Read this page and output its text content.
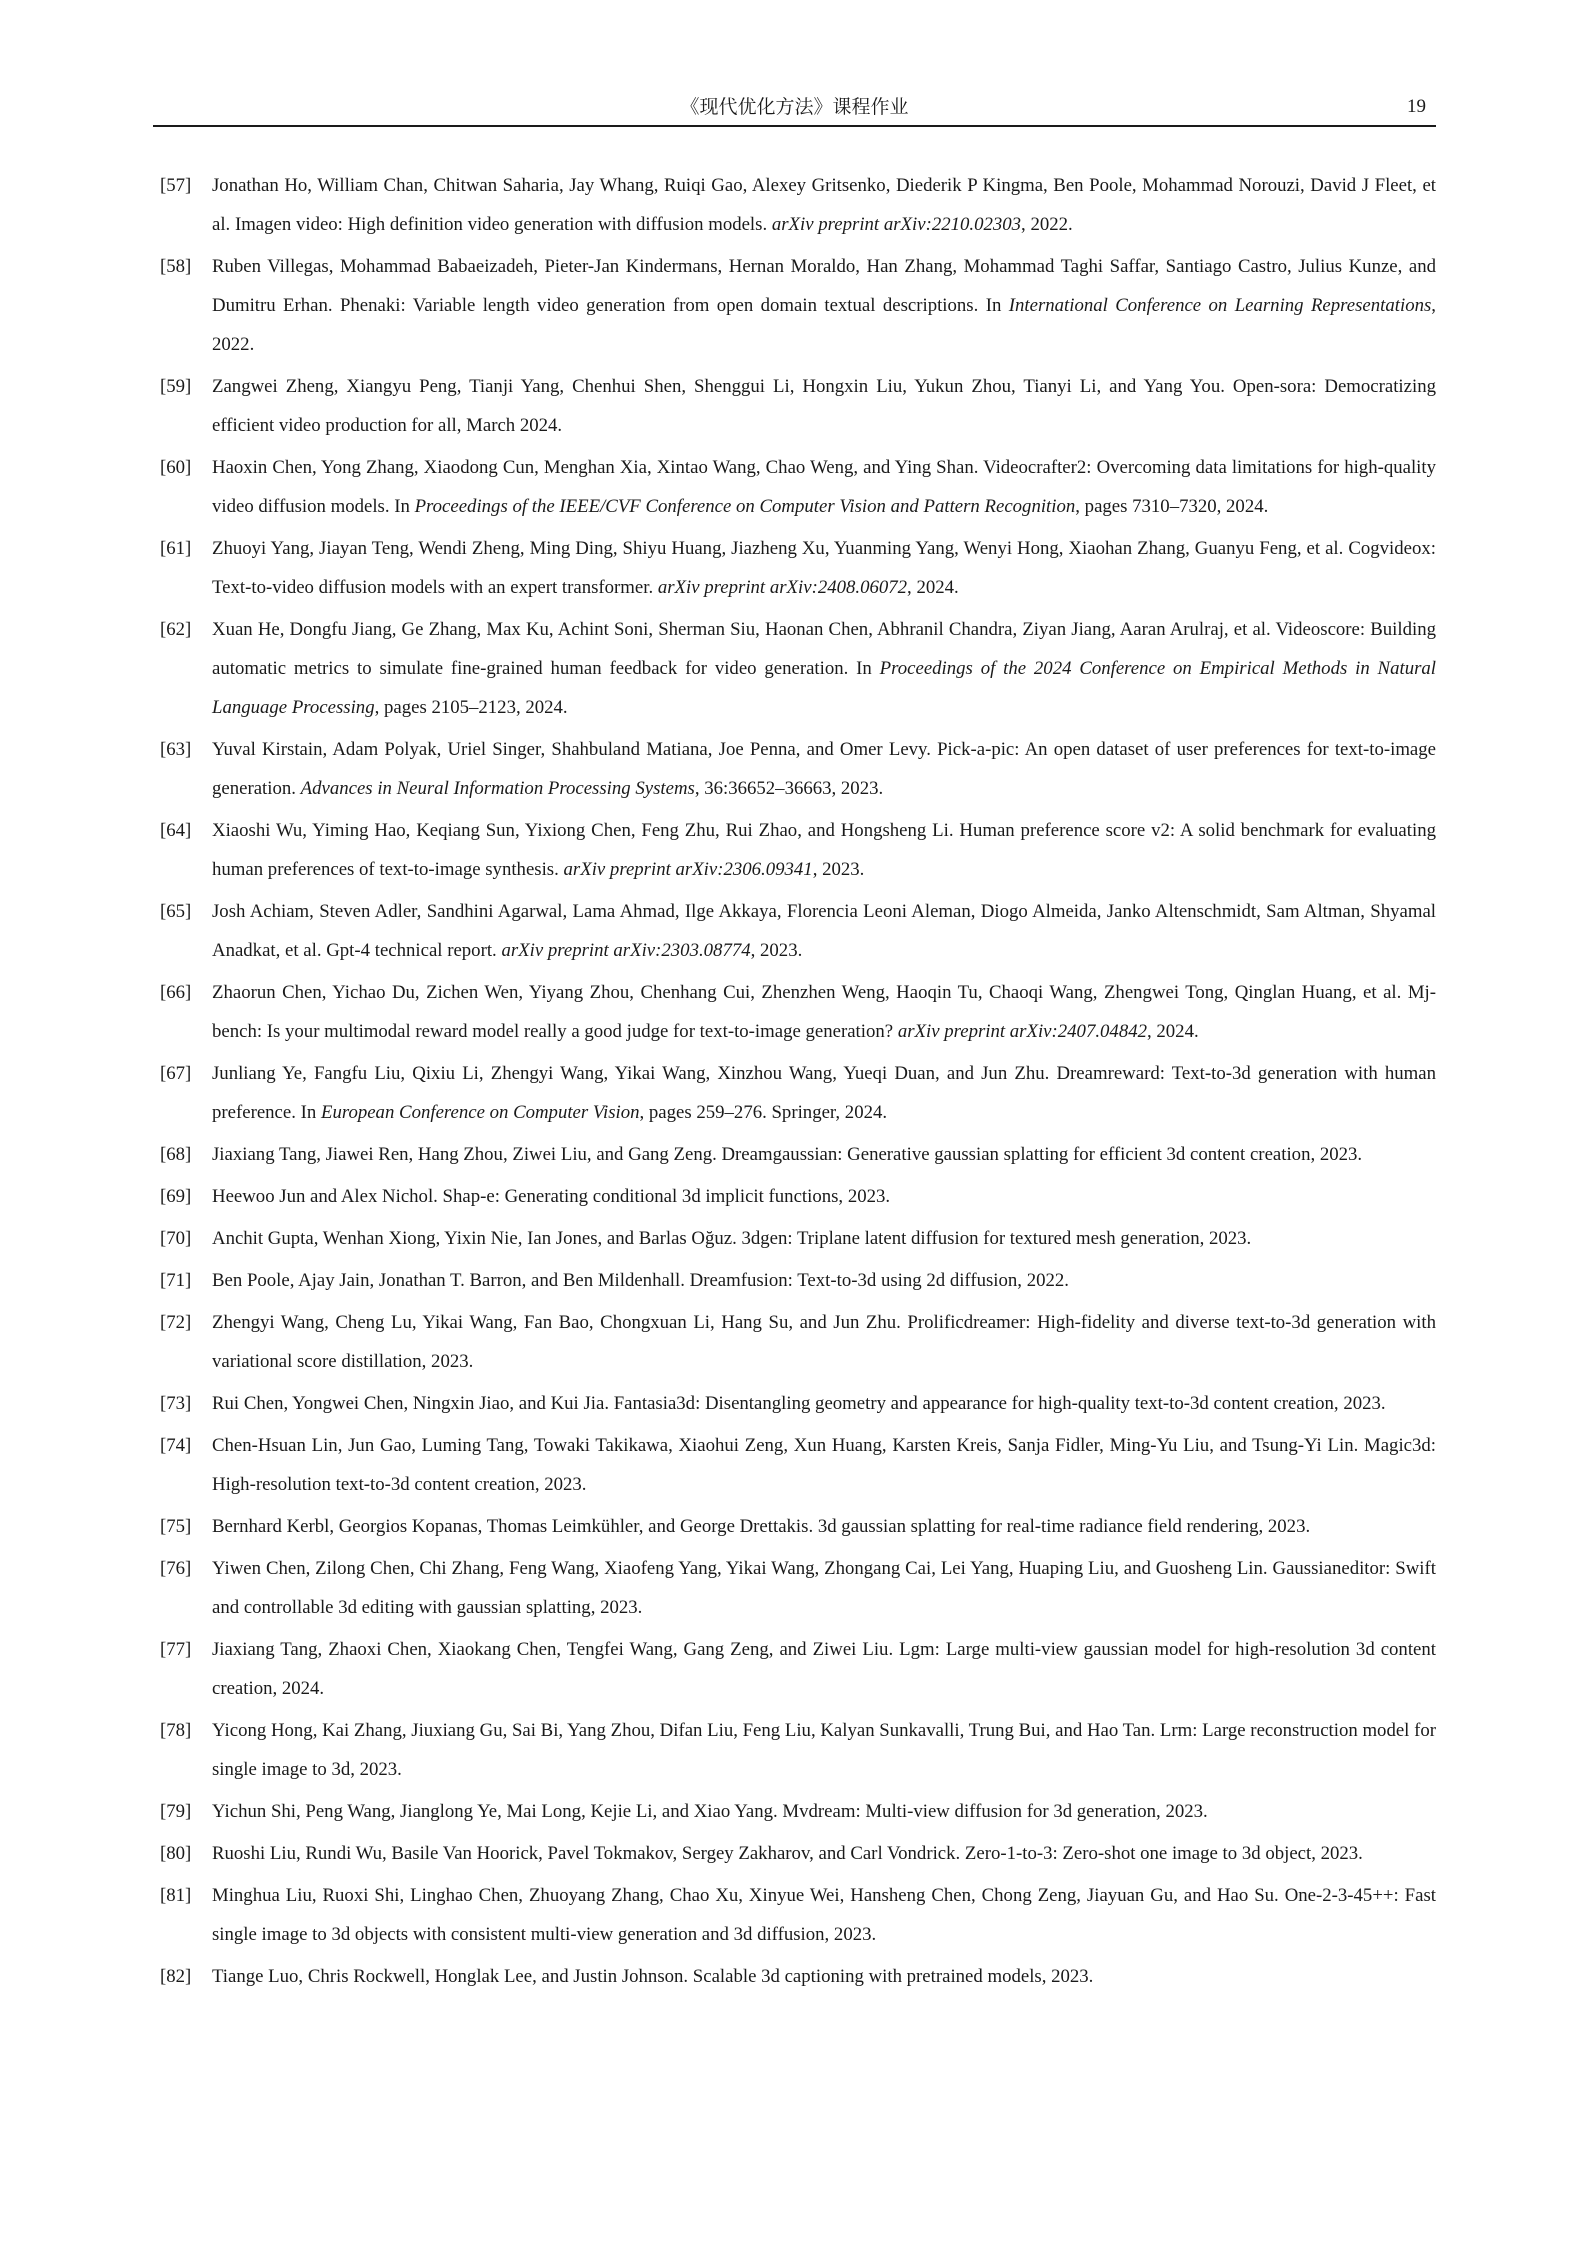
《现代优化方法》课程作业	19
[57]	Jonathan Ho, William Chan, Chitwan Saharia, Jay Whang, Ruiqi Gao, Alexey Gritsenko, Diederik P Kingma, Ben Poole, Mohammad Norouzi, David J Fleet, et al. Imagen video: High definition video generation with diffusion models. arXiv preprint arXiv:2210.02303, 2022.
[58]	Ruben Villegas, Mohammad Babaeizadeh, Pieter-Jan Kindermans, Hernan Moraldo, Han Zhang, Mohammad Taghi Saffar, Santiago Castro, Julius Kunze, and Dumitru Erhan. Phenaki: Variable length video generation from open domain textual descriptions. In International Conference on Learning Representations, 2022.
[59]	Zangwei Zheng, Xiangyu Peng, Tianji Yang, Chenhui Shen, Shenggui Li, Hongxin Liu, Yukun Zhou, Tianyi Li, and Yang You. Open-sora: Democratizing efficient video production for all, March 2024.
[60]	Haoxin Chen, Yong Zhang, Xiaodong Cun, Menghan Xia, Xintao Wang, Chao Weng, and Ying Shan. Videocrafter2: Overcoming data limitations for high-quality video diffusion models. In Proceedings of the IEEE/CVF Conference on Computer Vision and Pattern Recognition, pages 7310–7320, 2024.
[61]	Zhuoyi Yang, Jiayan Teng, Wendi Zheng, Ming Ding, Shiyu Huang, Jiazheng Xu, Yuanming Yang, Wenyi Hong, Xiaohan Zhang, Guanyu Feng, et al. Cogvideox: Text-to-video diffusion models with an expert transformer. arXiv preprint arXiv:2408.06072, 2024.
[62]	Xuan He, Dongfu Jiang, Ge Zhang, Max Ku, Achint Soni, Sherman Siu, Haonan Chen, Abhranil Chandra, Ziyan Jiang, Aaran Arulraj, et al. Videoscore: Building automatic metrics to simulate fine-grained human feedback for video generation. In Proceedings of the 2024 Conference on Empirical Methods in Natural Language Processing, pages 2105–2123, 2024.
[63]	Yuval Kirstain, Adam Polyak, Uriel Singer, Shahbuland Matiana, Joe Penna, and Omer Levy. Pick-a-pic: An open dataset of user preferences for text-to-image generation. Advances in Neural Information Processing Systems, 36:36652–36663, 2023.
[64]	Xiaoshi Wu, Yiming Hao, Keqiang Sun, Yixiong Chen, Feng Zhu, Rui Zhao, and Hongsheng Li. Human preference score v2: A solid benchmark for evaluating human preferences of text-to-image synthesis. arXiv preprint arXiv:2306.09341, 2023.
[65]	Josh Achiam, Steven Adler, Sandhini Agarwal, Lama Ahmad, Ilge Akkaya, Florencia Leoni Aleman, Diogo Almeida, Janko Altenschmidt, Sam Altman, Shyamal Anadkat, et al. Gpt-4 technical report. arXiv preprint arXiv:2303.08774, 2023.
[66]	Zhaorun Chen, Yichao Du, Zichen Wen, Yiyang Zhou, Chenhang Cui, Zhenzhen Weng, Haoqin Tu, Chaoqi Wang, Zhengwei Tong, Qinglan Huang, et al. Mj-bench: Is your multimodal reward model really a good judge for text-to-image generation? arXiv preprint arXiv:2407.04842, 2024.
[67]	Junliang Ye, Fangfu Liu, Qixiu Li, Zhengyi Wang, Yikai Wang, Xinzhou Wang, Yueqi Duan, and Jun Zhu. Dreamreward: Text-to-3d generation with human preference. In European Conference on Computer Vision, pages 259–276. Springer, 2024.
[68]	Jiaxiang Tang, Jiawei Ren, Hang Zhou, Ziwei Liu, and Gang Zeng. Dreamgaussian: Generative gaussian splatting for efficient 3d content creation, 2023.
[69]	Heewoo Jun and Alex Nichol. Shap-e: Generating conditional 3d implicit functions, 2023.
[70]	Anchit Gupta, Wenhan Xiong, Yixin Nie, Ian Jones, and Barlas Oğuz. 3dgen: Triplane latent diffusion for textured mesh generation, 2023.
[71]	Ben Poole, Ajay Jain, Jonathan T. Barron, and Ben Mildenhall. Dreamfusion: Text-to-3d using 2d diffusion, 2022.
[72]	Zhengyi Wang, Cheng Lu, Yikai Wang, Fan Bao, Chongxuan Li, Hang Su, and Jun Zhu. Prolificdreamer: High-fidelity and diverse text-to-3d generation with variational score distillation, 2023.
[73]	Rui Chen, Yongwei Chen, Ningxin Jiao, and Kui Jia. Fantasia3d: Disentangling geometry and appearance for high-quality text-to-3d content creation, 2023.
[74]	Chen-Hsuan Lin, Jun Gao, Luming Tang, Towaki Takikawa, Xiaohui Zeng, Xun Huang, Karsten Kreis, Sanja Fidler, Ming-Yu Liu, and Tsung-Yi Lin. Magic3d: High-resolution text-to-3d content creation, 2023.
[75]	Bernhard Kerbl, Georgios Kopanas, Thomas Leimkühler, and George Drettakis. 3d gaussian splatting for real-time radiance field rendering, 2023.
[76]	Yiwen Chen, Zilong Chen, Chi Zhang, Feng Wang, Xiaofeng Yang, Yikai Wang, Zhongang Cai, Lei Yang, Huaping Liu, and Guosheng Lin. Gaussianeditor: Swift and controllable 3d editing with gaussian splatting, 2023.
[77]	Jiaxiang Tang, Zhaoxi Chen, Xiaokang Chen, Tengfei Wang, Gang Zeng, and Ziwei Liu. Lgm: Large multi-view gaussian model for high-resolution 3d content creation, 2024.
[78]	Yicong Hong, Kai Zhang, Jiuxiang Gu, Sai Bi, Yang Zhou, Difan Liu, Feng Liu, Kalyan Sunkavalli, Trung Bui, and Hao Tan. Lrm: Large reconstruction model for single image to 3d, 2023.
[79]	Yichun Shi, Peng Wang, Jianglong Ye, Mai Long, Kejie Li, and Xiao Yang. Mvdream: Multi-view diffusion for 3d generation, 2023.
[80]	Ruoshi Liu, Rundi Wu, Basile Van Hoorick, Pavel Tokmakov, Sergey Zakharov, and Carl Vondrick. Zero-1-to-3: Zero-shot one image to 3d object, 2023.
[81]	Minghua Liu, Ruoxi Shi, Linghao Chen, Zhuoyang Zhang, Chao Xu, Xinyue Wei, Hansheng Chen, Chong Zeng, Jiayuan Gu, and Hao Su. One-2-3-45++: Fast single image to 3d objects with consistent multi-view generation and 3d diffusion, 2023.
[82]	Tiange Luo, Chris Rockwell, Honglak Lee, and Justin Johnson. Scalable 3d captioning with pretrained models, 2023.
